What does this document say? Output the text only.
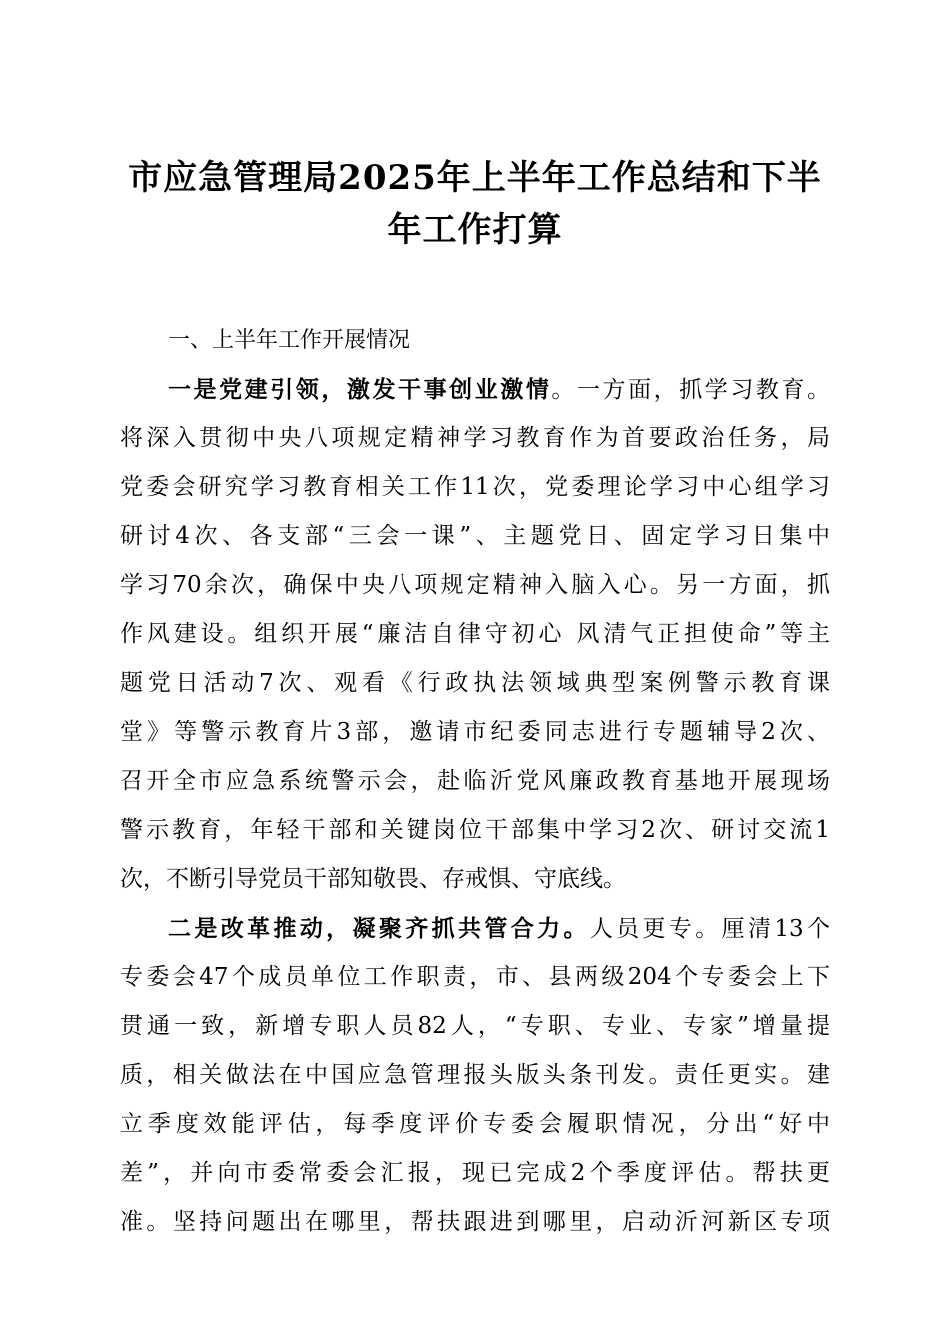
市应急管理局2025年上半年工作总结和下半
年工作打算
一、上半年工作开展情况
一是党建引领，激发干事创业激情。一方面，抓学习教育。
将深入贯彻中央八项规定精神学习教育作为首要政治任务，局
党委会研究学习教育相关工作11次，党委理论学习中心组学习
研讨4次、各支部“三会一课”、主题党日、固定学习日集中
学习70余次，确保中央八项规定精神入脑入心。另一方面，抓
作风建设。组织开展“廉洁自律守初心 风清气正担使命”等主
题党日活动7次、观看《行政执法领域典型案例警示教育课
堂》等警示教育片3部，邀请市纪委同志进行专题辅导2次、
召开全市应急系统警示会，赴临沂党风廉政教育基地开展现场
警示教育，年轻干部和关键岗位干部集中学习2次、研讨交流1
次，不断引导党员干部知敬畏、存戒惧、守底线。
二是改革推动，凝聚齐抓共管合力。人员更专。厘清13个
专委会47个成员单位工作职责，市、县两级204个专委会上下
贯通一致，新增专职人员82人，“专职、专业、专家”增量提
质，相关做法在中国应急管理报头版头条刊发。责任更实。建
立季度效能评估，每季度评价专委会履职情况，分出“好中
差”，并向市委常委会汇报，现已完成2个季度评估。帮扶更
准。坚持问题出在哪里，帮扶跟进到哪里，启动沂河新区专项
